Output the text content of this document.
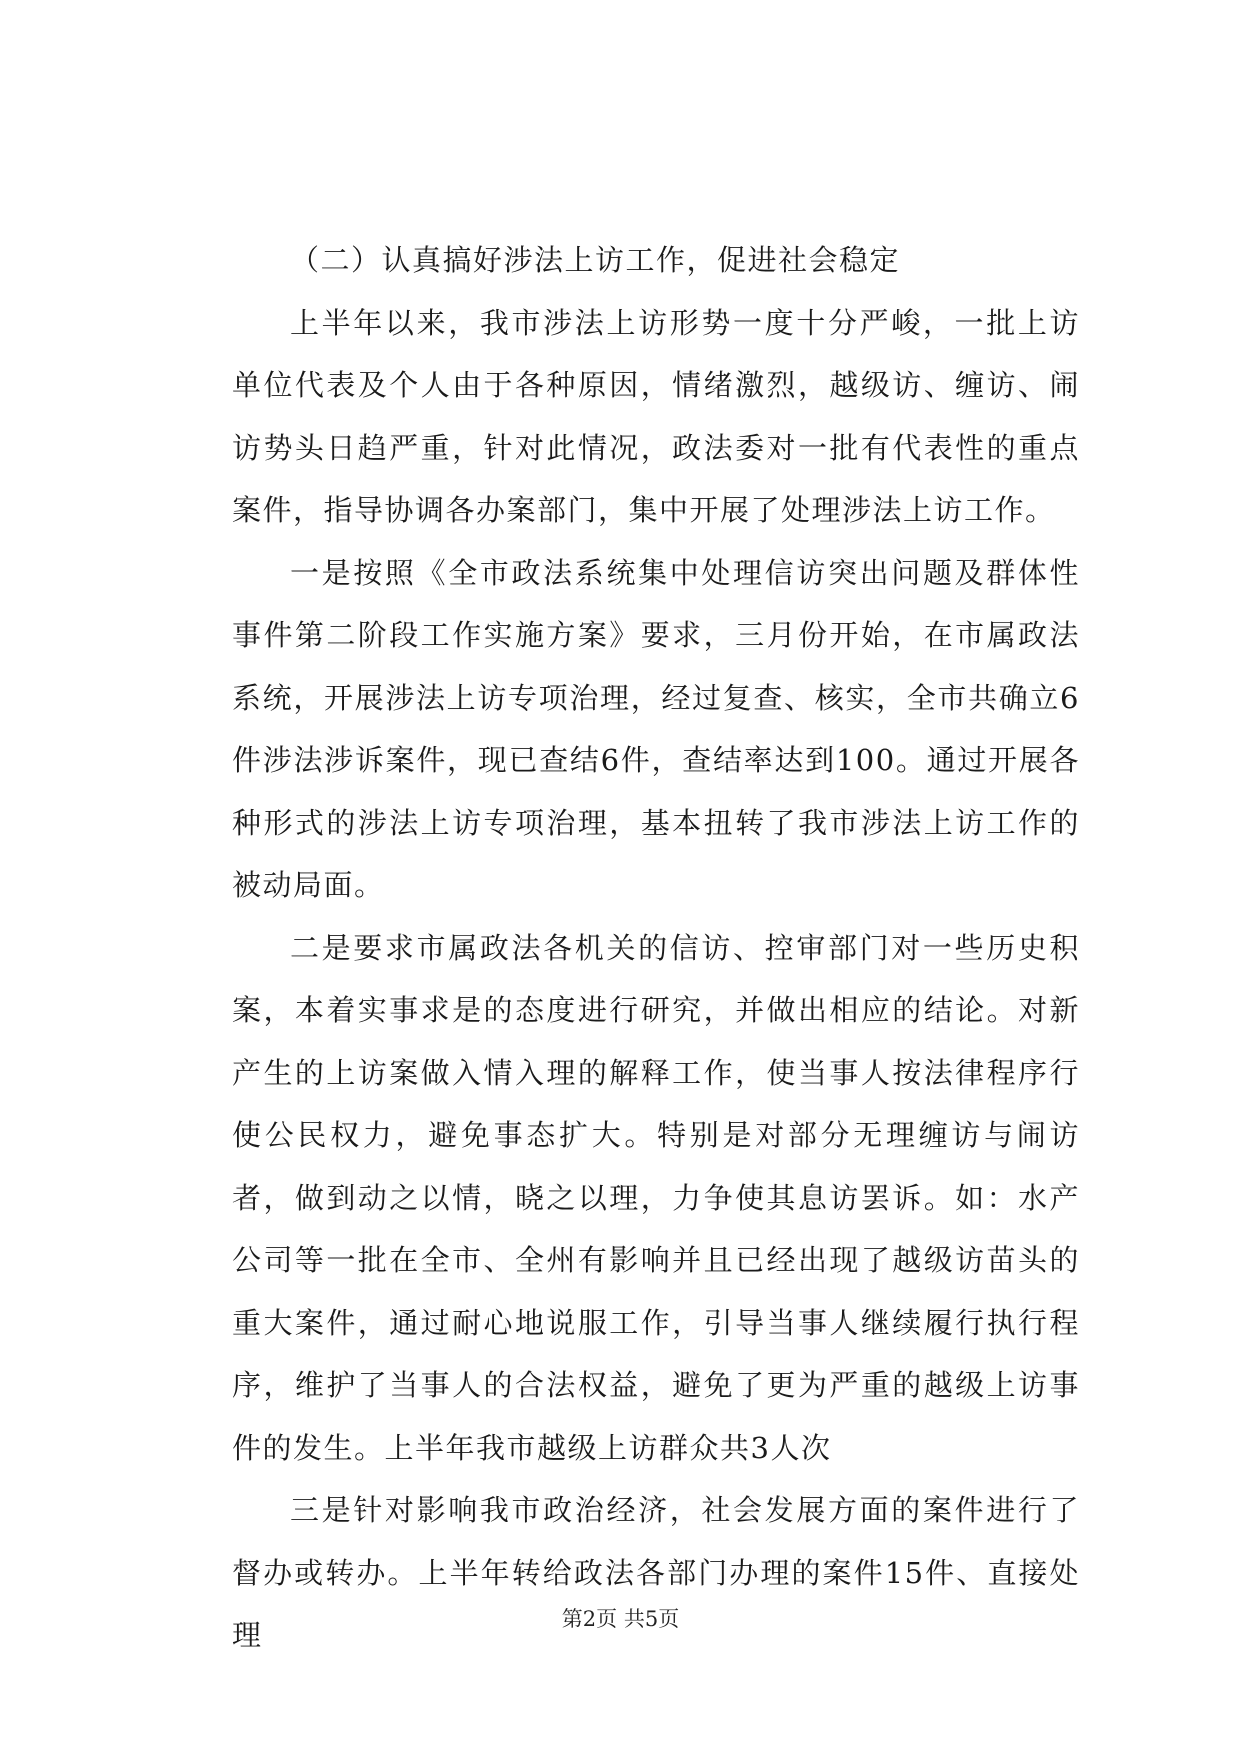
（二）认真搞好涉法上访工作，促进社会稳定

上半年以来，我市涉法上访形势一度十分严峻，一批上访单位代表及个人由于各种原因，情绪激烈，越级访、缠访、闹访势头日趋严重，针对此情况，政法委对一批有代表性的重点案件，指导协调各办案部门，集中开展了处理涉法上访工作。

一是按照《全市政法系统集中处理信访突出问题及群体性事件第二阶段工作实施方案》要求，三月份开始，在市属政法系统，开展涉法上访专项治理，经过复查、核实，全市共确立6件涉法涉诉案件，现已查结6件，查结率达到100。通过开展各种形式的涉法上访专项治理，基本扭转了我市涉法上访工作的被动局面。

二是要求市属政法各机关的信访、控审部门对一些历史积案，本着实事求是的态度进行研究，并做出相应的结论。对新产生的上访案做入情入理的解释工作，使当事人按法律程序行使公民权力，避免事态扩大。特别是对部分无理缠访与闹访者，做到动之以情，晓之以理，力争使其息访罢诉。如：水产公司等一批在全市、全州有影响并且已经出现了越级访苗头的重大案件，通过耐心地说服工作，引导当事人继续履行执行程序，维护了当事人的合法权益，避免了更为严重的越级上访事件的发生。上半年我市越级上访群众共3人次

三是针对影响我市政治经济，社会发展方面的案件进行了督办或转办。上半年转给政法各部门办理的案件15件、直接处理	第2页 共5页
